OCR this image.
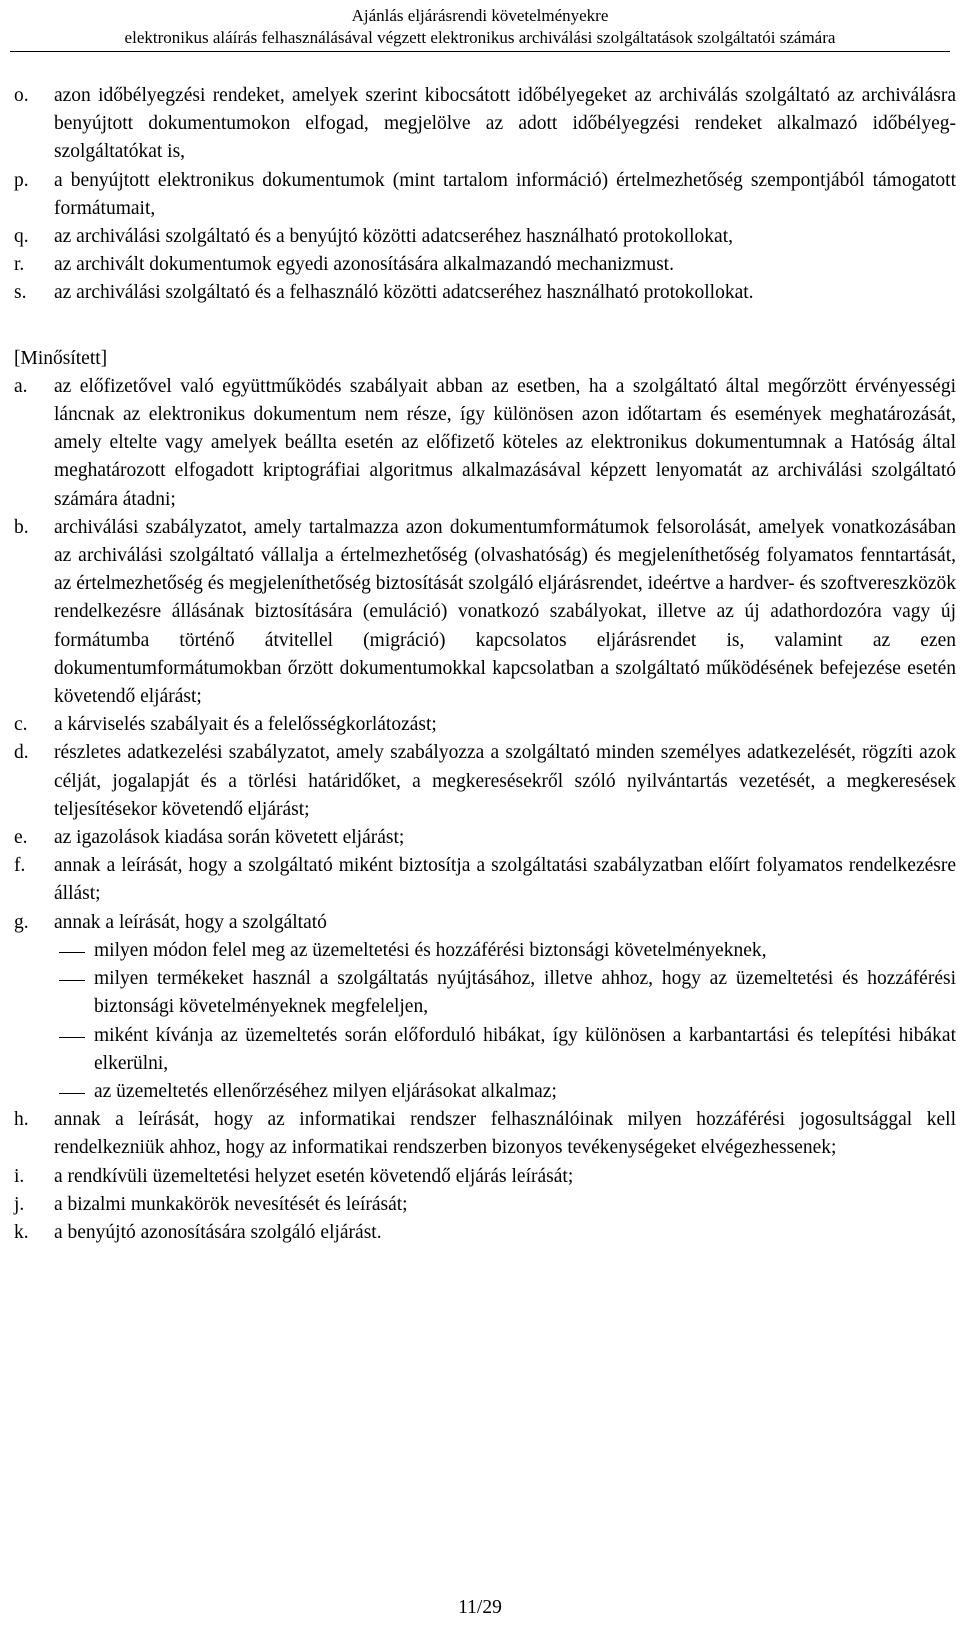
Ajánlás eljárásrendi követelményekre
elektronikus aláírás felhasználásával végzett elektronikus archiválási szolgáltatások szolgáltatói számára
o.	azon időbélyegzési rendeket, amelyek szerint kibocsátott időbélyegeket az archiválás szolgáltató az archiválásra benyújtott dokumentumokon elfogad, megjelölve az adott időbélyegzési rendeket alkalmazó időbélyeg-szolgáltatókat is,
p.	a benyújtott elektronikus dokumentumok (mint tartalom információ) értelmezhetőség szempontjából támogatott formátumait,
q.	az archiválási szolgáltató és a benyújtó közötti adatcseréhez használható protokollokat,
r.	az archivált dokumentumok egyedi azonosítására alkalmazandó mechanizmust.
s.	az archiválási szolgáltató és a felhasználó közötti adatcseréhez használható protokollokat.
[Minősített]
a.	az előfizetővel való együttműködés szabályait abban az esetben, ha a szolgáltató által megőrzött érvényességi láncnak az elektronikus dokumentum nem része, így különösen azon időtartam és események meghatározását, amely eltelte vagy amelyek beállta esetén az előfizető köteles az elektronikus dokumentumnak a Hatóság által meghatározott elfogadott kriptográfiai algoritmus alkalmazásával képzett lenyomatát az archiválási szolgáltató számára átadni;
b.	archiválási szabályzatot, amely tartalmazza azon dokumentumformátumok felsorolását, amelyek vonatkozásában az archiválási szolgáltató vállalja a értelmezhetőség (olvashatóság) és megjeleníthetőség folyamatos fenntartását, az értelmezhetőség és megjeleníthetőség biztosítását szolgáló eljárásrendet, ideértve a hardver- és szoftvereszközök rendelkezésre állásának biztosítására (emuláció) vonatkozó szabályokat, illetve az új adathordozóra vagy új formátumba történő átvitellel (migráció) kapcsolatos eljárásrendet is, valamint az ezen dokumentumformátumokban őrzött dokumentumokkal kapcsolatban a szolgáltató működésének befejezése esetén követendő eljárást;
c.	a kárviselés szabályait és a felelősségkorlátozást;
d.	részletes adatkezelési szabályzatot, amely szabályozza a szolgáltató minden személyes adatkezelését, rögzíti azok célját, jogalapját és a törlési határidőket, a megkeresésekről szóló nyilvántartás vezetését, a megkeresések teljesítésekor követendő eljárást;
e.	az igazolások kiadása során követett eljárást;
f.	annak a leírását, hogy a szolgáltató miként biztosítja a szolgáltatási szabályzatban előírt folyamatos rendelkezésre állást;
g.	annak a leírását, hogy a szolgáltató
milyen módon felel meg az üzemeltetési és hozzáférési biztonsági követelményeknek,
milyen termékeket használ a szolgáltatás nyújtásához, illetve ahhoz, hogy az üzemeltetési és hozzáférési biztonsági követelményeknek megfeleljen,
miként kívánja az üzemeltetés során előforduló hibákat, így különösen a karbantartási és telepítési hibákat elkerülni,
az üzemeltetés ellenőrzéséhez milyen eljárásokat alkalmaz;
h.	annak a leírását, hogy az informatikai rendszer felhasználóinak milyen hozzáférési jogosultsággal kell rendelkezniük ahhoz, hogy az informatikai rendszerben bizonyos tevékenységeket elvégezhessenek;
i.	a rendkívüli üzemeltetési helyzet esetén követendő eljárás leírását;
j.	a bizalmi munkakörök nevesítését és leírását;
k.	a benyújtó azonosítására szolgáló eljárást.
11/29
